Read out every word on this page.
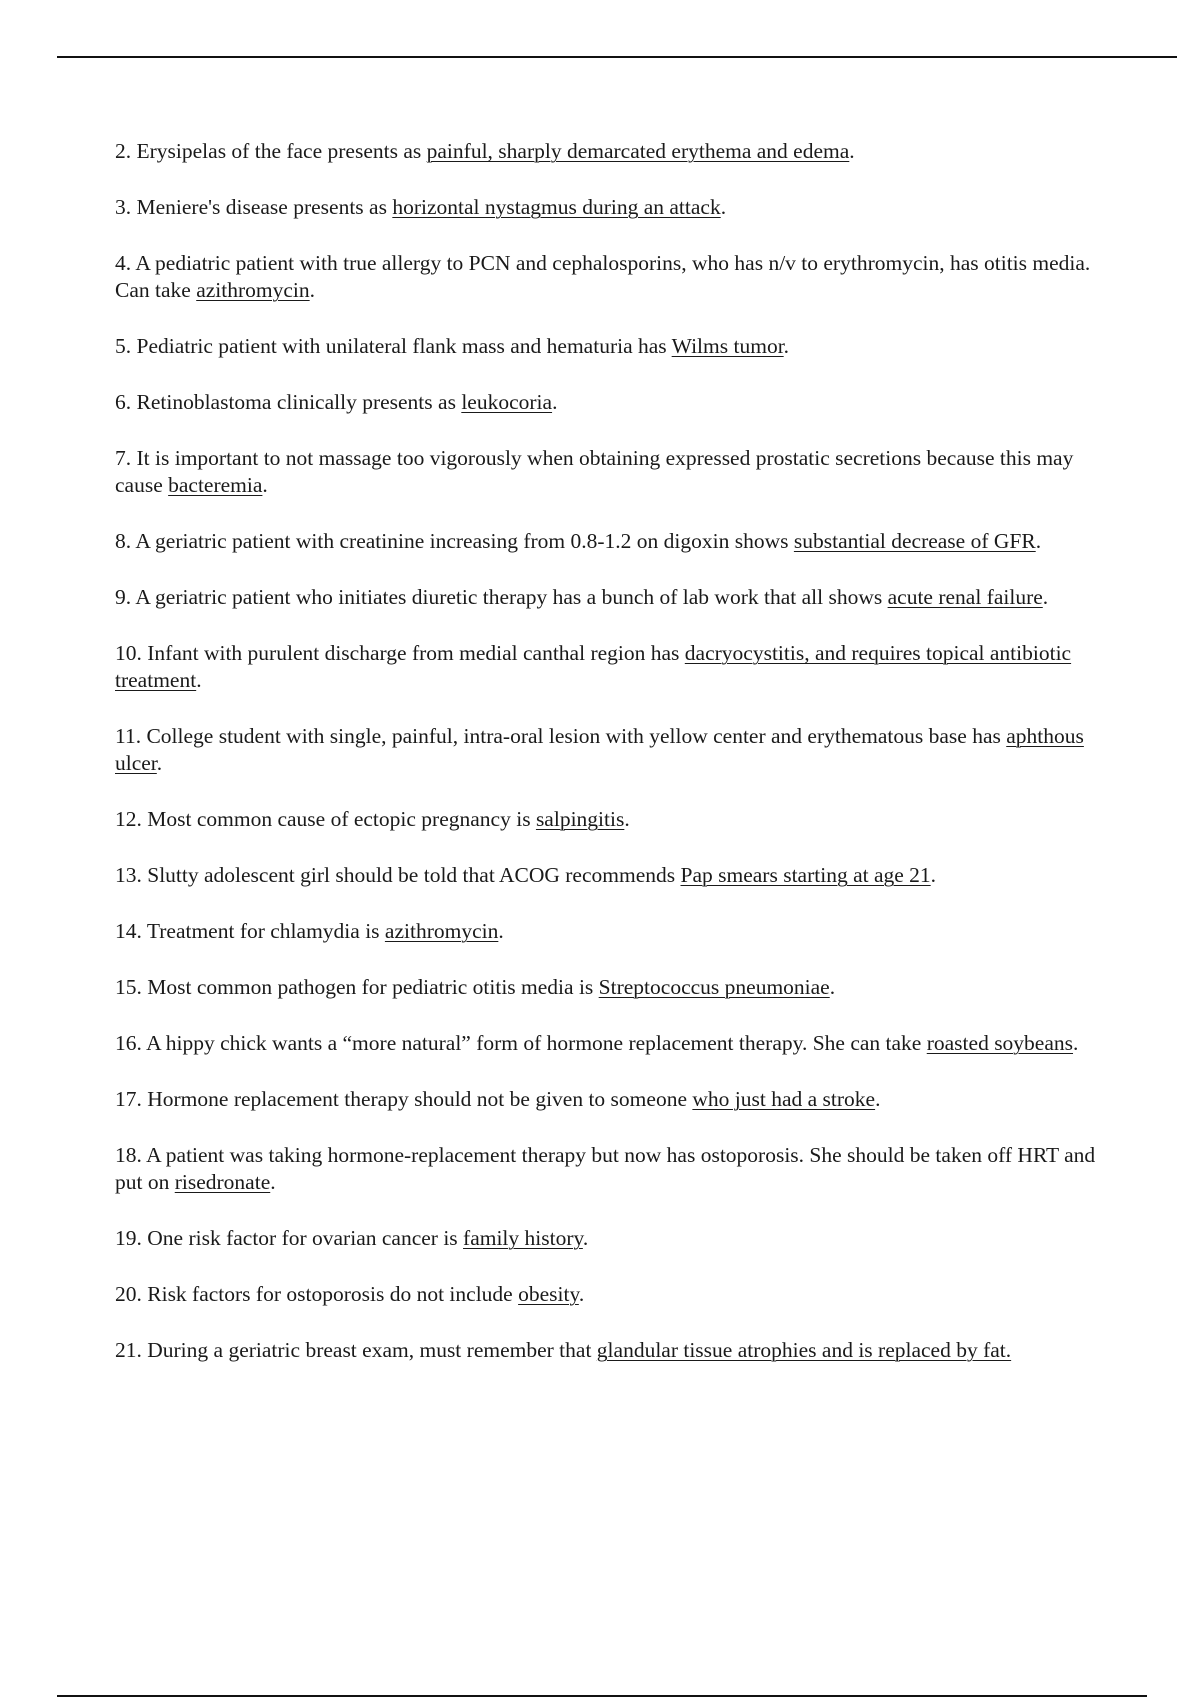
2. Erysipelas of the face presents as painful, sharply demarcated erythema and edema.

3. Meniere's disease presents as horizontal nystagmus during an attack.

4. A pediatric patient with true allergy to PCN and cephalosporins, who has n/v to erythromycin, has otitis media. Can take azithromycin.

5. Pediatric patient with unilateral flank mass and hematuria has Wilms tumor.

6. Retinoblastoma clinically presents as leukocoria.

7. It is important to not massage too vigorously when obtaining expressed prostatic secretions because this may cause bacteremia.

8. A geriatric patient with creatinine increasing from 0.8-1.2 on digoxin shows substantial decrease of GFR.

9. A geriatric patient who initiates diuretic therapy has a bunch of lab work that all shows acute renal failure.

10. Infant with purulent discharge from medial canthal region has dacryocystitis, and requires topical antibiotic treatment.

11. College student with single, painful, intra-oral lesion with yellow center and erythematous base has aphthous ulcer.

12. Most common cause of ectopic pregnancy is salpingitis.

13. Slutty adolescent girl should be told that ACOG recommends Pap smears starting at age 21.

14. Treatment for chlamydia is azithromycin.

15. Most common pathogen for pediatric otitis media is Streptococcus pneumoniae.

16. A hippy chick wants a “more natural” form of hormone replacement therapy. She can take roasted soybeans.

17. Hormone replacement therapy should not be given to someone who just had a stroke.

18. A patient was taking hormone-replacement therapy but now has ostoporosis. She should be taken off HRT and put on risedronate.

19. One risk factor for ovarian cancer is family history.

20. Risk factors for ostoporosis do not include obesity.

21. During a geriatric breast exam, must remember that glandular tissue atrophies and is replaced by fat.
